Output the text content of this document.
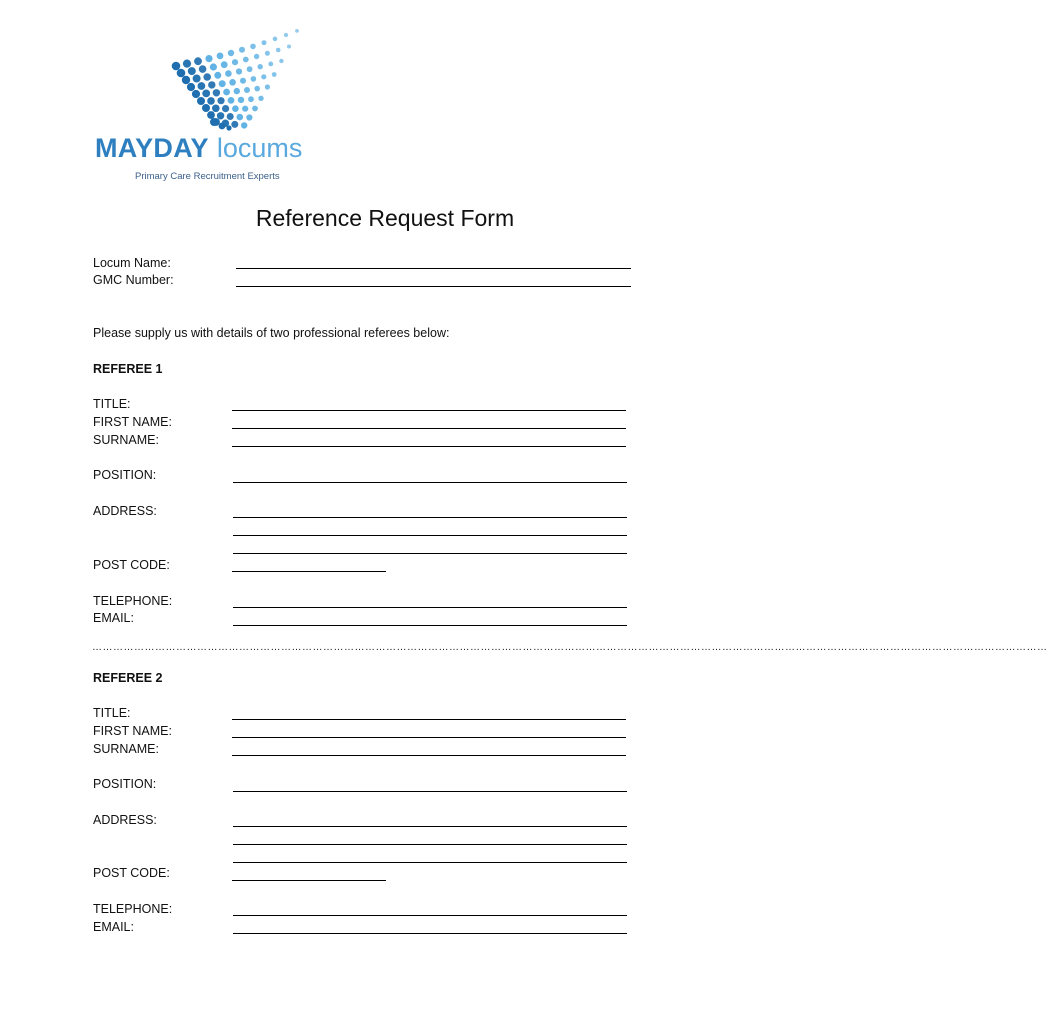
MAYDAY locums
Primary Care Recruitment Experts
Reference Request Form
Locum Name:
GMC Number:
Please supply us with details of two professional referees below:
REFEREE 1
TITLE:
FIRST NAME:
SURNAME:
POSITION:
ADDRESS:
POST CODE:
TELEPHONE:
EMAIL:
…………………………………………………………………………………………………………………………………………………………………………………………………………………………………………………
REFEREE 2
TITLE:
FIRST NAME:
SURNAME:
POSITION:
ADDRESS:
POST CODE:
TELEPHONE:
EMAIL:
